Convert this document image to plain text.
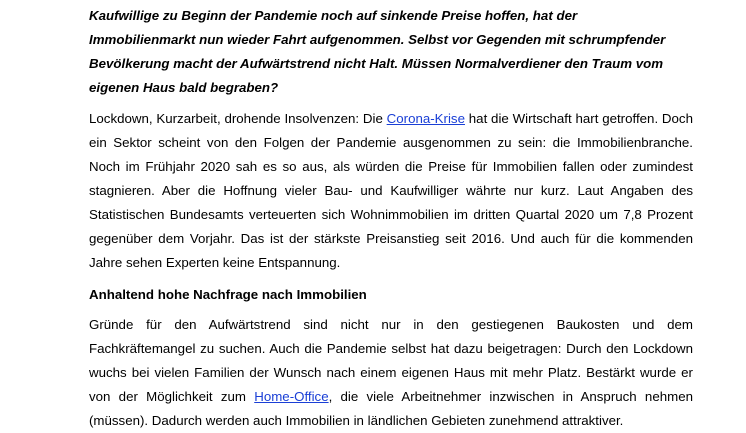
Kaufwillige zu Beginn der Pandemie noch auf sinkende Preise hoffen, hat der
Immobilienmarkt nun wieder Fahrt aufgenommen. Selbst vor Gegenden mit schrumpfender
Bevölkerung macht der Aufwärtstrend nicht Halt. Müssen Normalverdiener den Traum vom
eigenen Haus bald begraben?

Lockdown, Kurzarbeit, drohende Insolvenzen: Die Corona-Krise hat die Wirtschaft hart getroffen. Doch ein Sektor scheint von den Folgen der Pandemie ausgenommen zu sein: die Immobilienbranche. Noch im Frühjahr 2020 sah es so aus, als würden die Preise für Immobilien fallen oder zumindest stagnieren. Aber die Hoffnung vieler Bau- und Kaufwilliger währte nur kurz. Laut Angaben des Statistischen Bundesamts verteuerten sich Wohnimmobilien im dritten Quartal 2020 um 7,8 Prozent gegenüber dem Vorjahr. Das ist der stärkste Preisanstieg seit 2016. Und auch für die kommenden Jahre sehen Experten keine Entspannung.

Anhaltend hohe Nachfrage nach Immobilien

Gründe für den Aufwärtstrend sind nicht nur in den gestiegenen Baukosten und dem Fachkräftemangel zu suchen. Auch die Pandemie selbst hat dazu beigetragen: Durch den Lockdown wuchs bei vielen Familien der Wunsch nach einem eigenen Haus mit mehr Platz. Bestärkt wurde er von der Möglichkeit zum Home-Office, die viele Arbeitnehmer inzwischen in Anspruch nehmen (müssen). Dadurch werden auch Immobilien in ländlichen Gebieten zunehmend attraktiver.
